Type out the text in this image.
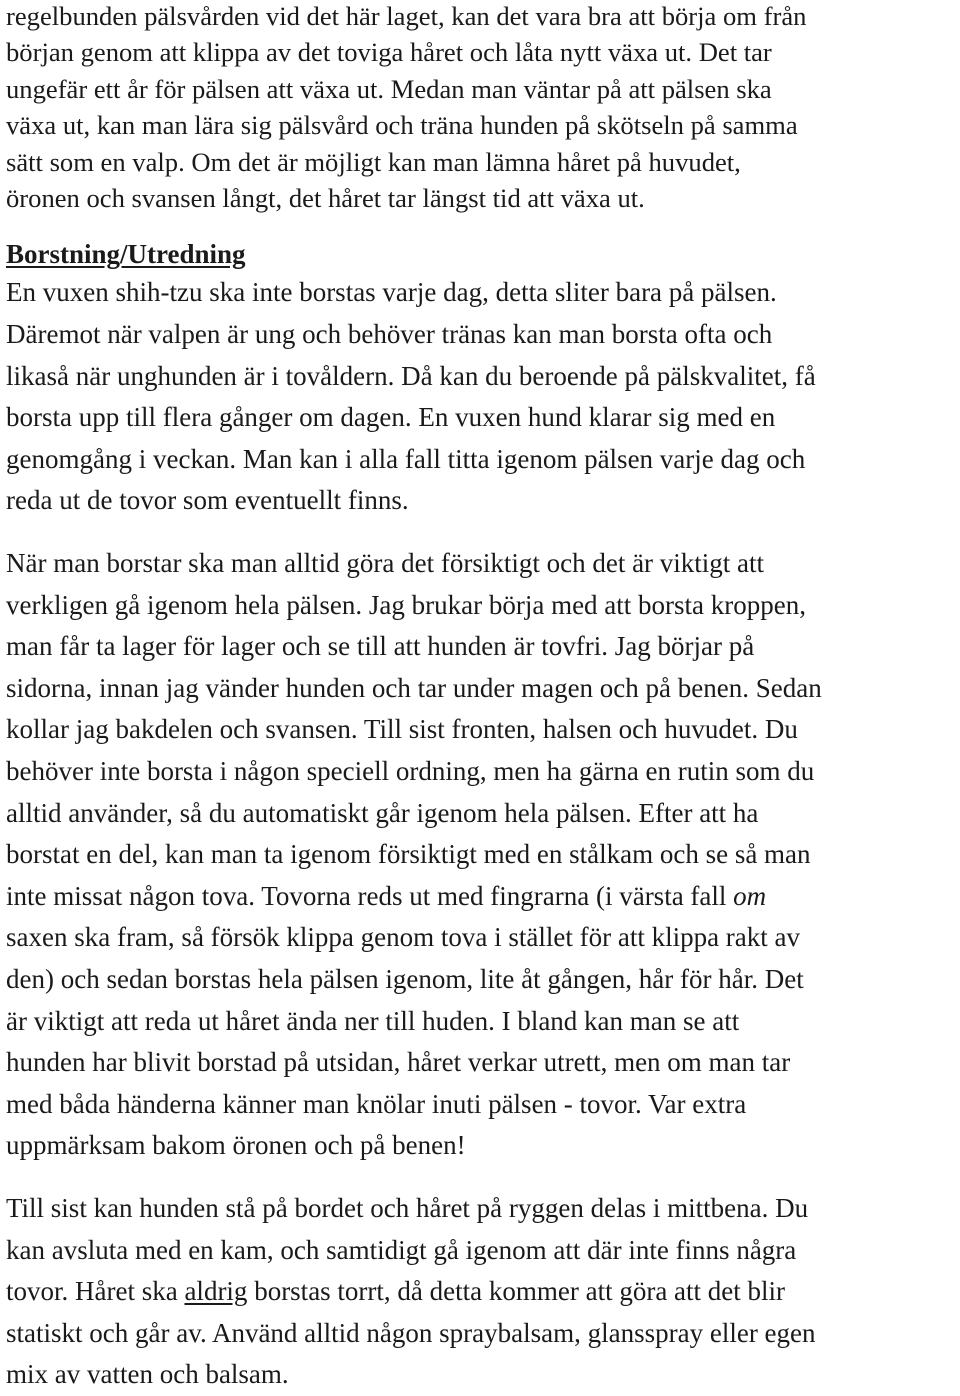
regelbunden pälsvården vid det här laget, kan det vara bra att börja om från
början genom att klippa av det toviga håret och låta nytt växa ut. Det tar
ungefär ett år för pälsen att växa ut. Medan man väntar på att pälsen ska
växa ut, kan man lära sig pälsvård och träna hunden på skötseln på samma
sätt som en valp. Om det är möjligt kan man lämna håret på huvudet,
öronen och svansen långt, det håret tar längst tid att växa ut.
Borstning/Utredning
En vuxen shih-tzu ska inte borstas varje dag, detta sliter bara på pälsen.
Däremot när valpen är ung och behöver tränas kan man borsta ofta och
likaså när unghunden är i tovåldern. Då kan du beroende på pälskvalitet, få
borsta upp till flera gånger om dagen. En vuxen hund klarar sig med en
genomgång i veckan. Man kan i alla fall titta igenom pälsen varje dag och
reda ut de tovor som eventuellt finns.
När man borstar ska man alltid göra det försiktigt och det är viktigt att
verkligen gå igenom hela pälsen. Jag brukar börja med att borsta kroppen,
man får ta lager för lager och se till att hunden är tovfri. Jag börjar på
sidorna, innan jag vänder hunden och tar under magen och på benen. Sedan
kollar jag bakdelen och svansen. Till sist fronten, halsen och huvudet. Du
behöver inte borsta i någon speciell ordning, men ha gärna en rutin som du
alltid använder, så du automatiskt går igenom hela pälsen. Efter att ha
borstat en del, kan man ta igenom försiktigt med en stålkam och se så man
inte missat någon tova. Tovorna reds ut med fingrarna (i värsta fall om
saxen ska fram, så försök klippa genom tova i stället för att klippa rakt av
den) och sedan borstas hela pälsen igenom, lite åt gången, hår för hår. Det
är viktigt att reda ut håret ända ner till huden. I bland kan man se att
hunden har blivit borstad på utsidan, håret verkar utrett, men om man tar
med båda händerna känner man knölar inuti pälsen - tovor. Var extra
uppmärksam bakom öronen och på benen!
Till sist kan hunden stå på bordet och håret på ryggen delas i mittbena. Du
kan avsluta med en kam, och samtidigt gå igenom att där inte finns några
tovor. Håret ska aldrig borstas torrt, då detta kommer att göra att det blir
statiskt och går av. Använd alltid någon spraybalsam, glansspray eller egen
mix av vatten och balsam.
